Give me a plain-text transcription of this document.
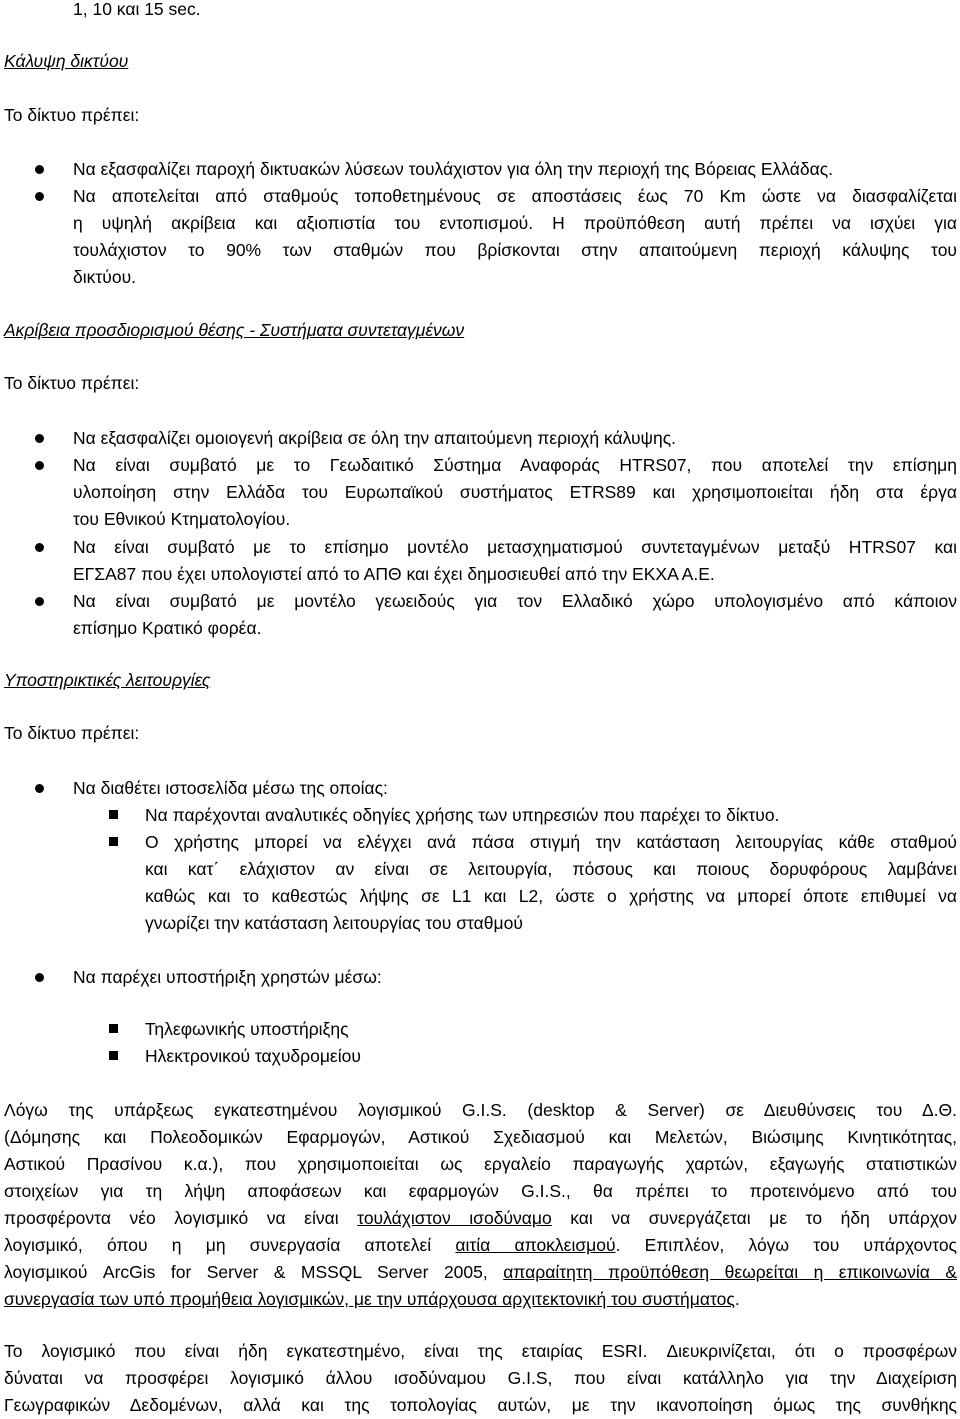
1, 10 και 15 sec.
Κάλυψη δικτύου
Το δίκτυο πρέπει:
Να εξασφαλίζει παροχή δικτυακών λύσεων τουλάχιστον για όλη την περιοχή της Βόρειας Ελλάδας.
Να αποτελείται από σταθμούς τοποθετημένους σε αποστάσεις έως 70 Km ώστε να διασφαλίζεται
η υψηλή ακρίβεια και αξιοπιστία του εντοπισμού. Η προϋπόθεση αυτή πρέπει να ισχύει για
τουλάχιστον το 90% των σταθμών που βρίσκονται στην απαιτούμενη περιοχή κάλυψης του
δικτύου.
Ακρίβεια προσδιορισμού θέσης - Συστήματα συντεταγμένων
Το δίκτυο πρέπει:
Να εξασφαλίζει ομοιογενή ακρίβεια σε όλη την απαιτούμενη περιοχή κάλυψης.
Να είναι συμβατό με το Γεωδαιτικό Σύστημα Αναφοράς HTRS07, που αποτελεί την επίσημη
υλοποίηση στην Ελλάδα του Ευρωπαϊκού συστήματος ETRS89 και χρησιμοποιείται ήδη στα έργα
του Εθνικού Κτηματολογίου.
Να είναι συμβατό με το επίσημο μοντέλο μετασχηματισμού συντεταγμένων μεταξύ HTRS07 και
ΕΓΣΑ87 που έχει υπολογιστεί από το ΑΠΘ και έχει δημοσιευθεί από την ΕΚΧΑ Α.Ε.
Να είναι συμβατό με μοντέλο γεωειδούς για τον Ελλαδικό χώρο υπολογισμένο από κάποιον
επίσημο Κρατικό φορέα.
Υποστηρικτικές λειτουργίες
Το δίκτυο πρέπει:
Να διαθέτει ιστοσελίδα μέσω της οποίας:
Να παρέχονται αναλυτικές οδηγίες χρήσης των υπηρεσιών που παρέχει το δίκτυο.
Ο χρήστης μπορεί να ελέγχει ανά πάσα στιγμή την κατάσταση λειτουργίας κάθε σταθμού
και κατ΄ ελάχιστον αν είναι σε λειτουργία, πόσους και ποιους δορυφόρους λαμβάνει
καθώς και το καθεστώς λήψης σε L1 και L2, ώστε ο χρήστης να μπορεί όποτε επιθυμεί να
γνωρίζει την κατάσταση λειτουργίας του σταθμού
Να παρέχει υποστήριξη χρηστών μέσω:
Τηλεφωνικής υποστήριξης
Ηλεκτρονικού ταχυδρομείου
Λόγω της υπάρξεως εγκατεστημένου λογισμικού G.I.S. (desktop & Server) σε Διευθύνσεις του Δ.Θ.
(Δόμησης και Πολεοδομικών Εφαρμογών, Αστικού Σχεδιασμού και Μελετών, Βιώσιμης Κινητικότητας,
Αστικού Πρασίνου κ.α.), που χρησιμοποιείται ως εργαλείο παραγωγής χαρτών, εξαγωγής στατιστικών
στοιχείων για τη λήψη αποφάσεων και εφαρμογών G.I.S., θα πρέπει το προτεινόμενο από του
προσφέροντα νέο λογισμικό να είναι τουλάχιστον ισοδύναμο και να συνεργάζεται με το ήδη υπάρχον
λογισμικό, όπου η μη συνεργασία αποτελεί αιτία αποκλεισμού. Επιπλέον, λόγω του υπάρχοντος
λογισμικού ArcGis for Server & MSSQL Server 2005, απαραίτητη προϋπόθεση θεωρείται η επικοινωνία &
συνεργασία των υπό προμήθεια λογισμικών, με την υπάρχουσα αρχιτεκτονική του συστήματος.
Το λογισμικό που είναι ήδη εγκατεστημένο, είναι της εταιρίας ESRI. Διευκρινίζεται, ότι ο προσφέρων
δύναται να προσφέρει λογισμικό άλλου ισοδύναμου G.I.S, που είναι κατάλληλο για την Διαχείριση
Γεωγραφικών Δεδομένων, αλλά και της τοπολογίας αυτών, με την ικανοποίηση όμως της συνθήκης
